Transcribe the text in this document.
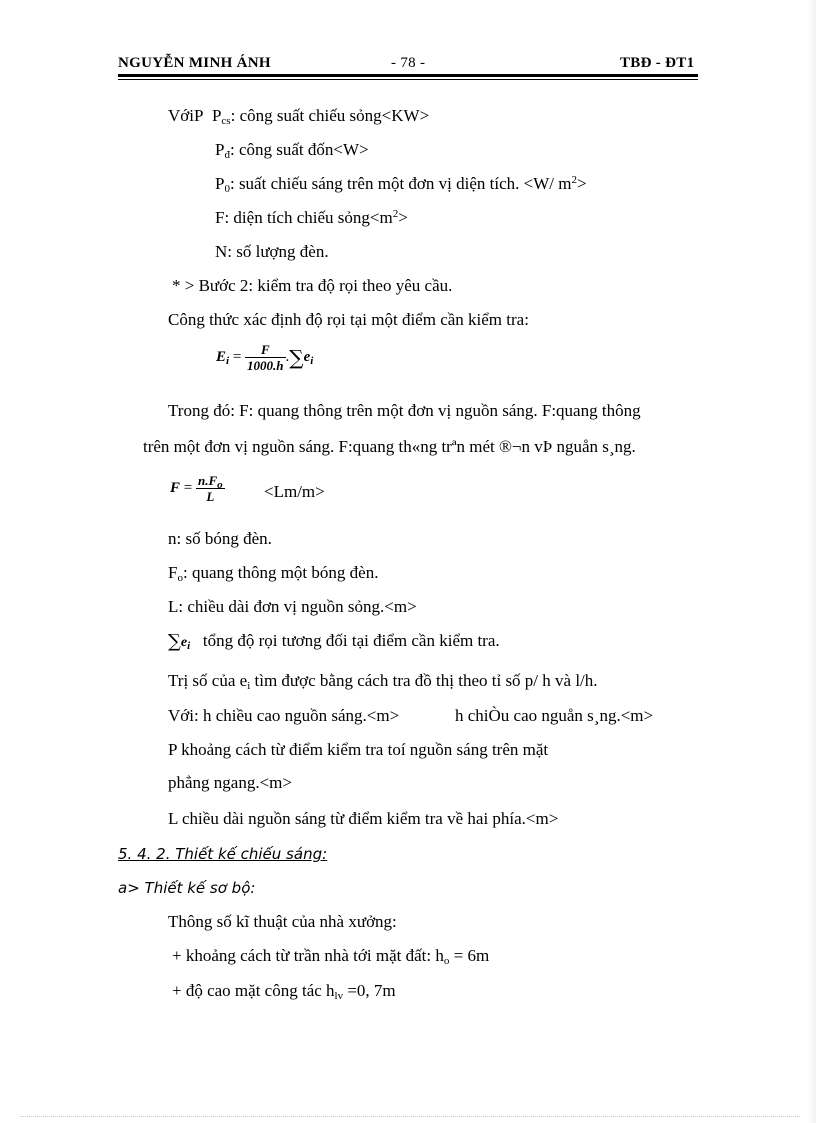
NGUYỄN MINH ÁNH	- 78 -	TBĐ - ĐT1
VớiP $P_{cs}$: công suất chiếu sỏng<KW>
$P_đ$: công suất đốn<W>
$P_0$: suất chiếu sáng trên một đơn vị diện tích. <W/ $m^2>$
F: diện tích chiếu $sỏng<m^2>$
N: số lượng đèn.
* > Bước 2: kiểm tra độ rọi theo yêu cầu.
Công thức xác định độ rọi tại một điểm cần kiểm tra:
$E_i = \frac{F}{1000.h} .\sum e_i$
Trong đó: F: quang thông trên một đơn vị nguồn sáng. F:quang thông
trên một đơn vị nguồn sáng. F:quang th«ng trªn mét ®¬n vÞ nguån s¸ng.
$F = \frac{n.F_o}{L} <Lm/m>$
n: số bóng đèn.
$F_o$: quang thông một bóng đèn.
L: chiều dài đơn vị nguồn sỏng.<m>
$\sum e_i$ tổng độ rọi tương đối tại điểm cần kiểm tra.
Trị số của $e_i$ tìm được bằng cách tra đồ thị theo tỉ số p/ h và l/h.
Với: h chiều cao nguồn sáng.<m>	h chiÒu cao nguån s¸ng.<m>
P khoảng cách từ điểm kiểm tra toí nguồn sáng trên mặt
phẳng ngang.<m>
L chiều dài nguồn sáng từ điểm kiểm tra về hai phía.<m>
5. 4. 2. Thiết kế chiếu sáng:
a> Thiết kế sơ bộ:
Thông số kĩ thuật của nhà xưởng:
+ khoảng cách từ trần nhà tới mặt đất: $h_o = 6m$
+ độ cao mặt công tác $h_{lv} =0$, 7m
